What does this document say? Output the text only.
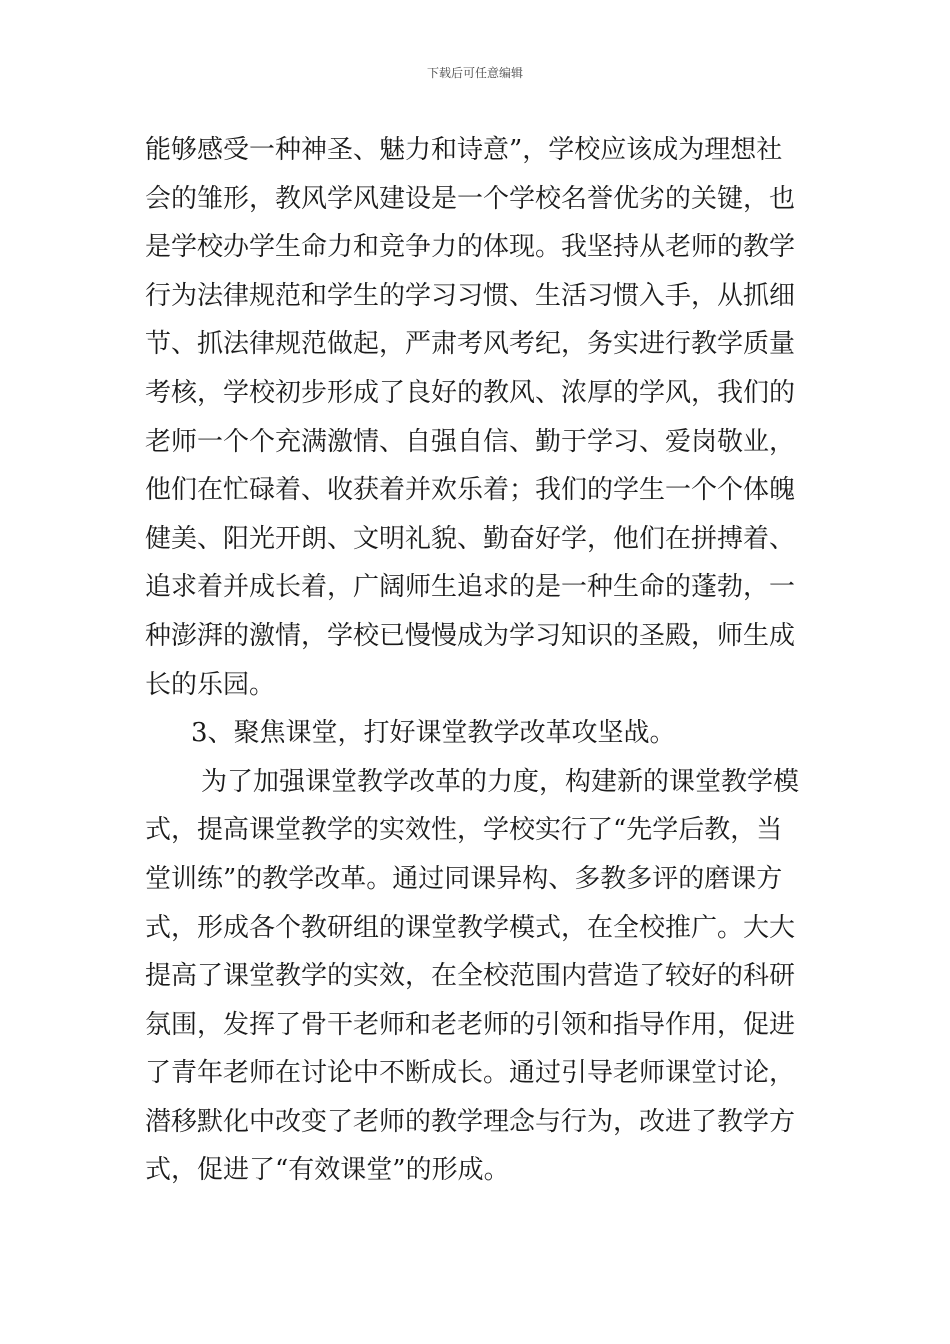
下载后可任意编辑
能够感受一种神圣、魅力和诗意”，学校应该成为理想社
会的雏形，教风学风建设是一个学校名誉优劣的关键，也
是学校办学生命力和竞争力的体现。我坚持从老师的教学
行为法律规范和学生的学习习惯、生活习惯入手，从抓细
节、抓法律规范做起，严肃考风考纪，务实进行教学质量
考核，学校初步形成了良好的教风、浓厚的学风，我们的
老师一个个充满激情、自强自信、勤于学习、爱岗敬业，
他们在忙碌着、收获着并欢乐着；我们的学生一个个体魄
健美、阳光开朗、文明礼貌、勤奋好学，他们在拼搏着、
追求着并成长着，广阔师生追求的是一种生命的蓬勃，一
种澎湃的激情，学校已慢慢成为学习知识的圣殿，师生成
长的乐园。
3、聚焦课堂，打好课堂教学改革攻坚战。
为了加强课堂教学改革的力度，构建新的课堂教学模
式，提高课堂教学的实效性，学校实行了“先学后教，当
堂训练”的教学改革。通过同课异构、多教多评的磨课方
式，形成各个教研组的课堂教学模式，在全校推广。大大
提高了课堂教学的实效，在全校范围内营造了较好的科研
氛围，发挥了骨干老师和老老师的引领和指导作用，促进
了青年老师在讨论中不断成长。通过引导老师课堂讨论，
潜移默化中改变了老师的教学理念与行为，改进了教学方
式，促进了“有效课堂”的形成。
